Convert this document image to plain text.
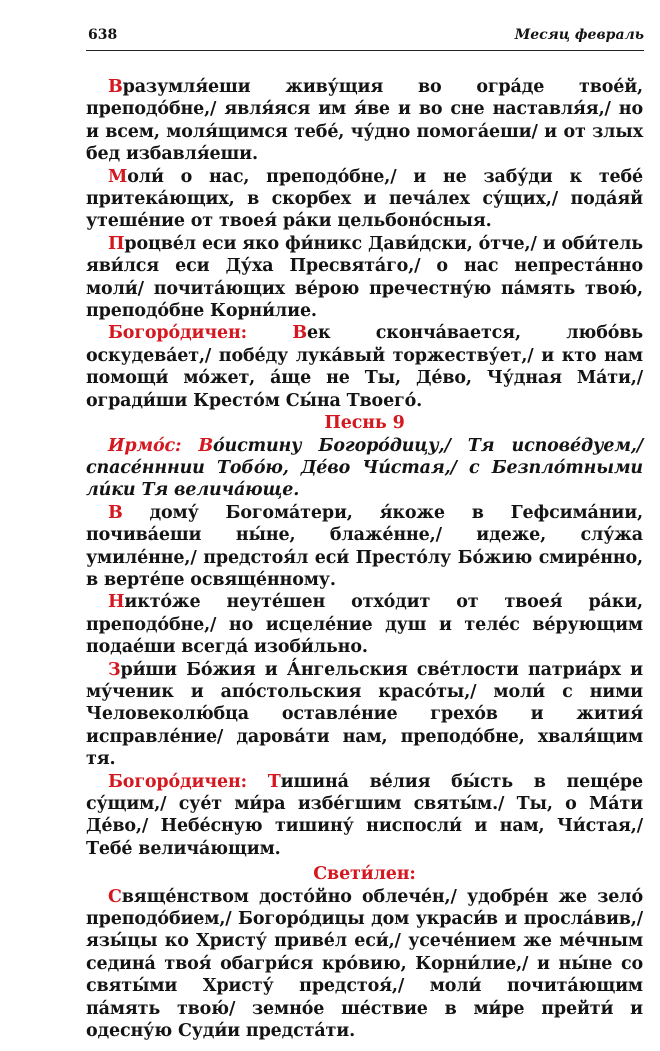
638	Месяц февраль

Вразумля́еши живу́щия во огра́де твое́й, преподо́бне,/ явля́яся им я́ве и во сне наставля́я,/ но и всем, моля́щимся тебе́, чу́дно помога́еши/ и от злых бед избавля́еши.

Моли́ о нас, преподо́бне,/ и не забу́ди к тебе́ притека́ющих, в скорбех и печа́лех су́щих,/ пода́яй утеше́ние от твоея́ ра́ки цельбоно́сныя.

Процве́л еси яко фи́никс Дави́дски, о́тче,/ и оби́тель яви́лся еси Ду́ха Пресвята́го,/ о нас непреста́нно моли́/ почита́ющих ве́рою пречестну́ю па́мять твою́, преподо́бне Корни́лие.

Богоро́дичен: Век сконча́вается, любо́вь оскудева́ет,/ побе́ду лука́вый торжеству́ет,/ и кто нам помощи́ мо́жет, а́ще не Ты, Де́во, Чу́дная Ма́ти,/ огради́ши Кресто́м Сы́на Твоего́.

Песнь 9

Ирмо́с: Во́истину Богоро́дицу,/ Тя испове́дуем,/ спасе́нннии Тобо́ю, Де́во Чи́стая,/ с Безпло́тными ли́ки Тя велича́юще.

В дому́ Богома́тери, я́коже в Гефсима́нии, почива́еши ны́не, блаже́нне,/ идеже, слу́жа умиле́нне,/ предстоя́л еси́ Престо́лу Бо́жию смире́нно, в верте́пе освяще́нному.

Никто́же неуте́шен отхо́дит от твоея́ ра́ки, преподо́бне,/ но исцеле́ние душ и теле́с ве́рующим подае́ши всегда́ изоби́льно.

Зри́ши Бо́жия и А́нгельския све́тлости патриа́рх и му́ченик и апо́стольския красо́ты,/ моли́ с ними Человеколю́бца оставле́ние грехо́в и жития́ исправле́ние/ дарова́ти нам, преподо́бне, хваля́щим тя.

Богоро́дичен: Тишина́ ве́лия бы́сть в пеще́ре су́щим,/ суе́т ми́ра избе́гшим святы́м./ Ты, о Ма́ти Де́во,/ Небе́сную тишину́ ниспосли́ и нам, Чи́стая,/ Тебе́ велича́ющим.

Свети́лен:

Свяще́нством досто́йно облече́н,/ удобре́н же зело́ преподо́бием,/ Богоро́дицы дом украси́в и просла́вив,/ язы́цы ко Христу́ приве́л еси́,/ усече́нием же ме́чным седина́ твоя́ обагри́ся кро́вию, Корни́лие,/ и ны́не со святы́ми Христу́ предстоя́,/ моли́ почита́ющим па́мять твою́/ земно́е ше́ствие в ми́ре прейти́ и одесну́ю Суди́и предста́ти.
